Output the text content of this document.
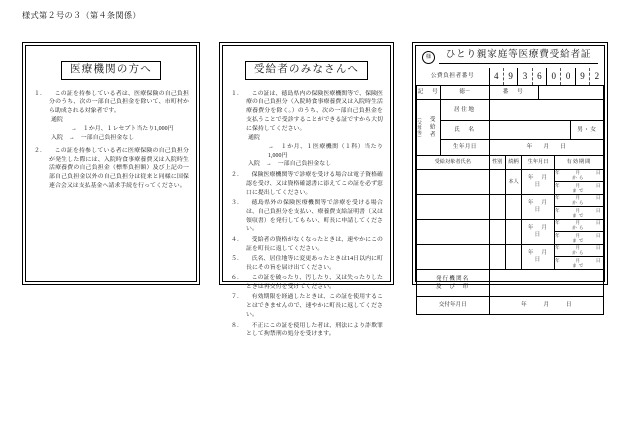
様式第２号の３（第４条関係）
医療機関の方へ
１．	この証を持参している者は、医療保険の自己負担分のうち、次の一部自己負担金を除いて、市町村から助成される対象者です。
通院
→　１か月、１レセプト当たり1,000円
入院　→　一部自己負担金なし
２．	この証を持参している者に医療保険の自己負担分が発生した際には、入院時食事療養費又は入院時生活療養費の自己負担金（標準負担額）及び上記の一部自己負担金以外の自己負担分は従来と同様に国保連合会又は支払基金へ請求手続を行ってください。
受給者のみなさんへ
１．	この証は、徳島県内の保険医療機関等で、保険医療の自己負担分（入院時食事療養費又は入院時生活療養費分を除く。）のうち、次の一部自己負担金を支払うことで受診することができる証ですから大切に保持してください。
通院
→　１か月、１医療機関（１科）当たり1,000円
入院　→　一部自己負担金なし
２．	保険医療機関等で診療を受ける場合は電子資格確認を受け、又は資格確認書に添えてこの証を必ず窓口に提出してください。
３．	徳島県外の保険医療機関等で診療を受ける場合は、自己負担分を支払い、療養費支給証明書（又は領収書）を発行してもらい、町長に申請してください。
４．	受給者の資格がなくなったときは、速やかにこの証を町長に返してください。
５．	氏名、居住地等に変更あったときは14日以内に町長にその旨を届け出てください。
６．	この証を破ったり、汚したり、又は失ったりしたときは再交付を受けてください。
７．	有効期限を経過したときは、この証を使用することはできませんので、速やかに町長に返してください。
８．	不正にこの証を使用した者は、刑法により詐欺罪として拘禁刑の処分を受けます。
様	ひとり親家庭等医療費受給者証
公費負担者番号	4	9	3	6	0	0	9	2

記　号	徳－	番　号					

受給者
（父母等）	居住地						
	氏　名						男・女
	生年月日	年　　月　　日					
受給対象者氏名		性別	続柄	生年月日		有効期間	
			本人	年　月　日		年　　月　　日　から
年　　月　　日　まで	

				年　月　日		年　　月　　日　から
年　　月　　日　まで	

				年　月　日		年　　月　　日　から
年　　月　　日　まで	

				年　月　日		年　　月　　日　から
年　　月　　日　まで	

発行機関名
及　び　印							

交付年月日		年　　　月　　　日					
